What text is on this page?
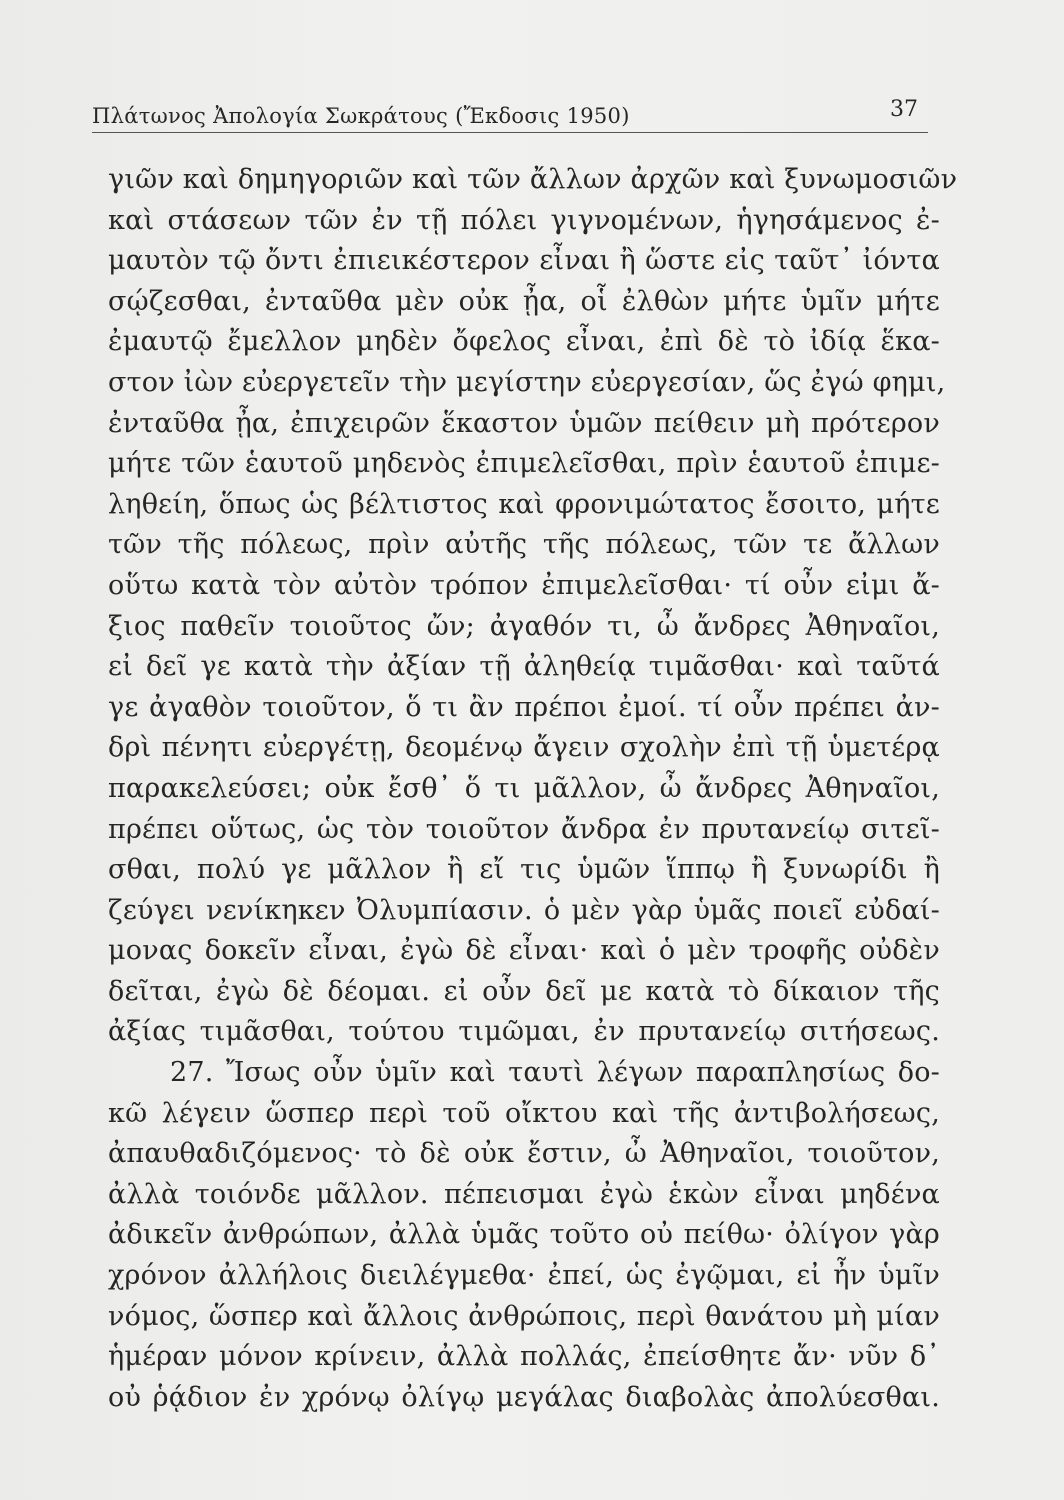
Πλάτωνος Ἀπολογία Σωκράτους (Ἔκδοσις 1950)	37
γιῶν καὶ δημηγοριῶν καὶ τῶν ἄλλων ἀρχῶν καὶ ξυνωμοσιῶν
καὶ στάσεων τῶν ἐν τῇ πόλει γιγνομένων, ἡγησάμενος ἐ-
μαυτὸν τῷ ὄντι ἐπιεικέστερον εἶναι ἢ ὥστε εἰς ταῦτ᾽ ἰόντα
σῴζεσθαι, ἐνταῦθα μὲν οὐκ ᾖα, οἷ ἐλθὼν μήτε ὑμῖν μήτε
ἐμαυτῷ ἔμελλον μηδὲν ὄφελος εἶναι, ἐπὶ δὲ τὸ ἰδίᾳ ἕκα-
στον ἰὼν εὐεργετεῖν τὴν μεγίστην εὐεργεσίαν, ὥς ἐγώ φημι,
ἐνταῦθα ᾖα, ἐπιχειρῶν ἕκαστον ὑμῶν πείθειν μὴ πρότερον
μήτε τῶν ἑαυτοῦ μηδενὸς ἐπιμελεῖσθαι, πρὶν ἑαυτοῦ ἐπιμε-
ληθείη, ὅπως ὡς βέλτιστος καὶ φρονιμώτατος ἔσοιτο, μήτε
τῶν τῆς πόλεως, πρὶν αὐτῆς τῆς πόλεως, τῶν τε ἄλλων
οὕτω κατὰ τὸν αὐτὸν τρόπον ἐπιμελεῖσθαι· τί οὖν εἰμι ἄ-
ξιος παθεῖν τοιοῦτος ὤν; ἀγαθόν τι, ὦ ἄνδρες Ἀθηναῖοι,
εἰ δεῖ γε κατὰ τὴν ἀξίαν τῇ ἀληθείᾳ τιμᾶσθαι· καὶ ταῦτά
γε ἀγαθὸν τοιοῦτον, ὅ τι ἂν πρέποι ἐμοί. τί οὖν πρέπει ἀν-
δρὶ πένητι εὐεργέτῃ, δεομένῳ ἄγειν σχολὴν ἐπὶ τῇ ὑμετέρᾳ
παρακελεύσει; οὐκ ἔσθ᾽ ὅ τι μᾶλλον, ὦ ἄνδρες Ἀθηναῖοι,
πρέπει οὕτως, ὡς τὸν τοιοῦτον ἄνδρα ἐν πρυτανείῳ σιτεῖ-
σθαι, πολύ γε μᾶλλον ἢ εἴ τις ὑμῶν ἵππῳ ἢ ξυνωρίδι ἢ
ζεύγει νενίκηκεν Ὀλυμπίασιν. ὁ μὲν γὰρ ὑμᾶς ποιεῖ εὐδαί-
μονας δοκεῖν εἶναι, ἐγὼ δὲ εἶναι· καὶ ὁ μὲν τροφῆς οὐδὲν
δεῖται, ἐγὼ δὲ δέομαι. εἰ οὖν δεῖ με κατὰ τὸ δίκαιον τῆς
ἀξίας τιμᾶσθαι, τούτου τιμῶμαι, ἐν πρυτανείῳ σιτήσεως.
27. Ἴσως οὖν ὑμῖν καὶ ταυτὶ λέγων παραπλησίως δο-
κῶ λέγειν ὥσπερ περὶ τοῦ οἴκτου καὶ τῆς ἀντιβολήσεως,
ἀπαυθαδιζόμενος· τὸ δὲ οὐκ ἔστιν, ὦ Ἀθηναῖοι, τοιοῦτον,
ἀλλὰ τοιόνδε μᾶλλον. πέπεισμαι ἐγὼ ἑκὼν εἶναι μηδένα
ἀδικεῖν ἀνθρώπων, ἀλλὰ ὑμᾶς τοῦτο οὐ πείθω· ὀλίγον γὰρ
χρόνον ἀλλήλοις διειλέγμεθα· ἐπεί, ὡς ἐγῷμαι, εἰ ἦν ὑμῖν
νόμος, ὥσπερ καὶ ἄλλοις ἀνθρώποις, περὶ θανάτου μὴ μίαν
ἡμέραν μόνον κρίνειν, ἀλλὰ πολλάς, ἐπείσθητε ἄν· νῦν δ᾽
οὐ ῥᾴδιον ἐν χρόνῳ ὀλίγῳ μεγάλας διαβολὰς ἀπολύεσθαι.
